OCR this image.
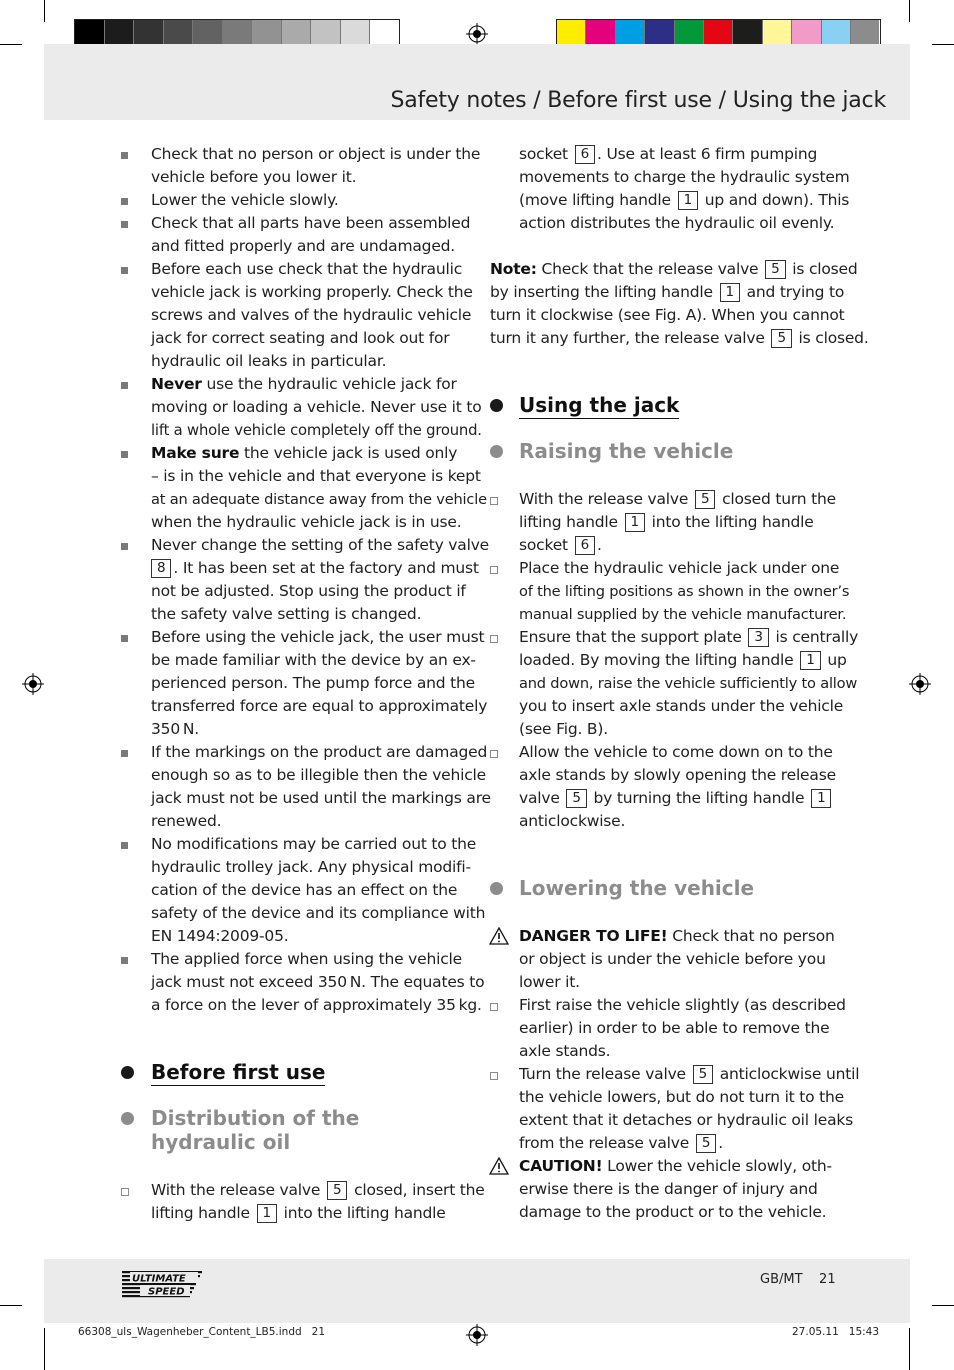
Safety notes / Before first use / Using the jack
Check that no person or object is under the
vehicle before you lower it.
Lower the vehicle slowly.
Check that all parts have been assembled
and fitted properly and are undamaged.
Before each use check that the hydraulic
vehicle jack is working properly. Check the
screws and valves of the hydraulic vehicle
jack for correct seating and look out for
hydraulic oil leaks in particular.
Never use the hydraulic vehicle jack for
moving or loading a vehicle. Never use it to
lift a whole vehicle completely off the ground.
Make sure the vehicle jack is used only
– is in the vehicle and that everyone is kept
at an adequate distance away from the vehicle
when the hydraulic vehicle jack is in use.
Never change the setting of the safety valve
8 . It has been set at the factory and must
not be adjusted. Stop using the product if
the safety valve setting is changed.
Before using the vehicle jack, the user must
be made familiar with the device by an ex-
perienced person. The pump force and the
transferred force are equal to approximately
350 N.
If the markings on the product are damaged
enough so as to be illegible then the vehicle
jack must not be used until the markings are
renewed.
No modifications may be carried out to the
hydraulic trolley jack. Any physical modifi-
cation of the device has an effect on the
safety of the device and its compliance with
EN 1494:2009-05.
The applied force when using the vehicle
jack must not exceed 350 N. The equates to
a force on the lever of approximately 35 kg.
Before first use
Distribution of the
hydraulic oil
With the release valve 5 closed, insert the
lifting handle 1 into the lifting handle
socket 6 . Use at least 6 firm pumping
movements to charge the hydraulic system
(move lifting handle 1 up and down). This
action distributes the hydraulic oil evenly.
Note: Check that the release valve 5 is closed
by inserting the lifting handle 1 and trying to
turn it clockwise (see Fig. A). When you cannot
turn it any further, the release valve 5 is closed.
Using the jack
Raising the vehicle
With the release valve 5 closed turn the
lifting handle 1 into the lifting handle
socket 6 .
Place the hydraulic vehicle jack under one
of the lifting positions as shown in the owner’s
manual supplied by the vehicle manufacturer.
Ensure that the support plate 3 is centrally
loaded. By moving the lifting handle 1 up
and down, raise the vehicle sufficiently to allow
you to insert axle stands under the vehicle
(see Fig. B).
Allow the vehicle to come down on to the
axle stands by slowly opening the release
valve 5 by turning the lifting handle 1
anticlockwise.
Lowering the vehicle
DANGER TO LIFE! Check that no person
or object is under the vehicle before you
lower it.
First raise the vehicle slightly (as described
earlier) in order to be able to remove the
axle stands.
Turn the release valve 5 anticlockwise until
the vehicle lowers, but do not turn it to the
extent that it detaches or hydraulic oil leaks
from the release valve 5 .
CAUTION! Lower the vehicle slowly, oth-
erwise there is the danger of injury and
damage to the product or to the vehicle.
ULTIMATE
SPEED
GB/MT    21
66308_uls_Wagenheber_Content_LB5.indd   21	27.05.11   15:43
